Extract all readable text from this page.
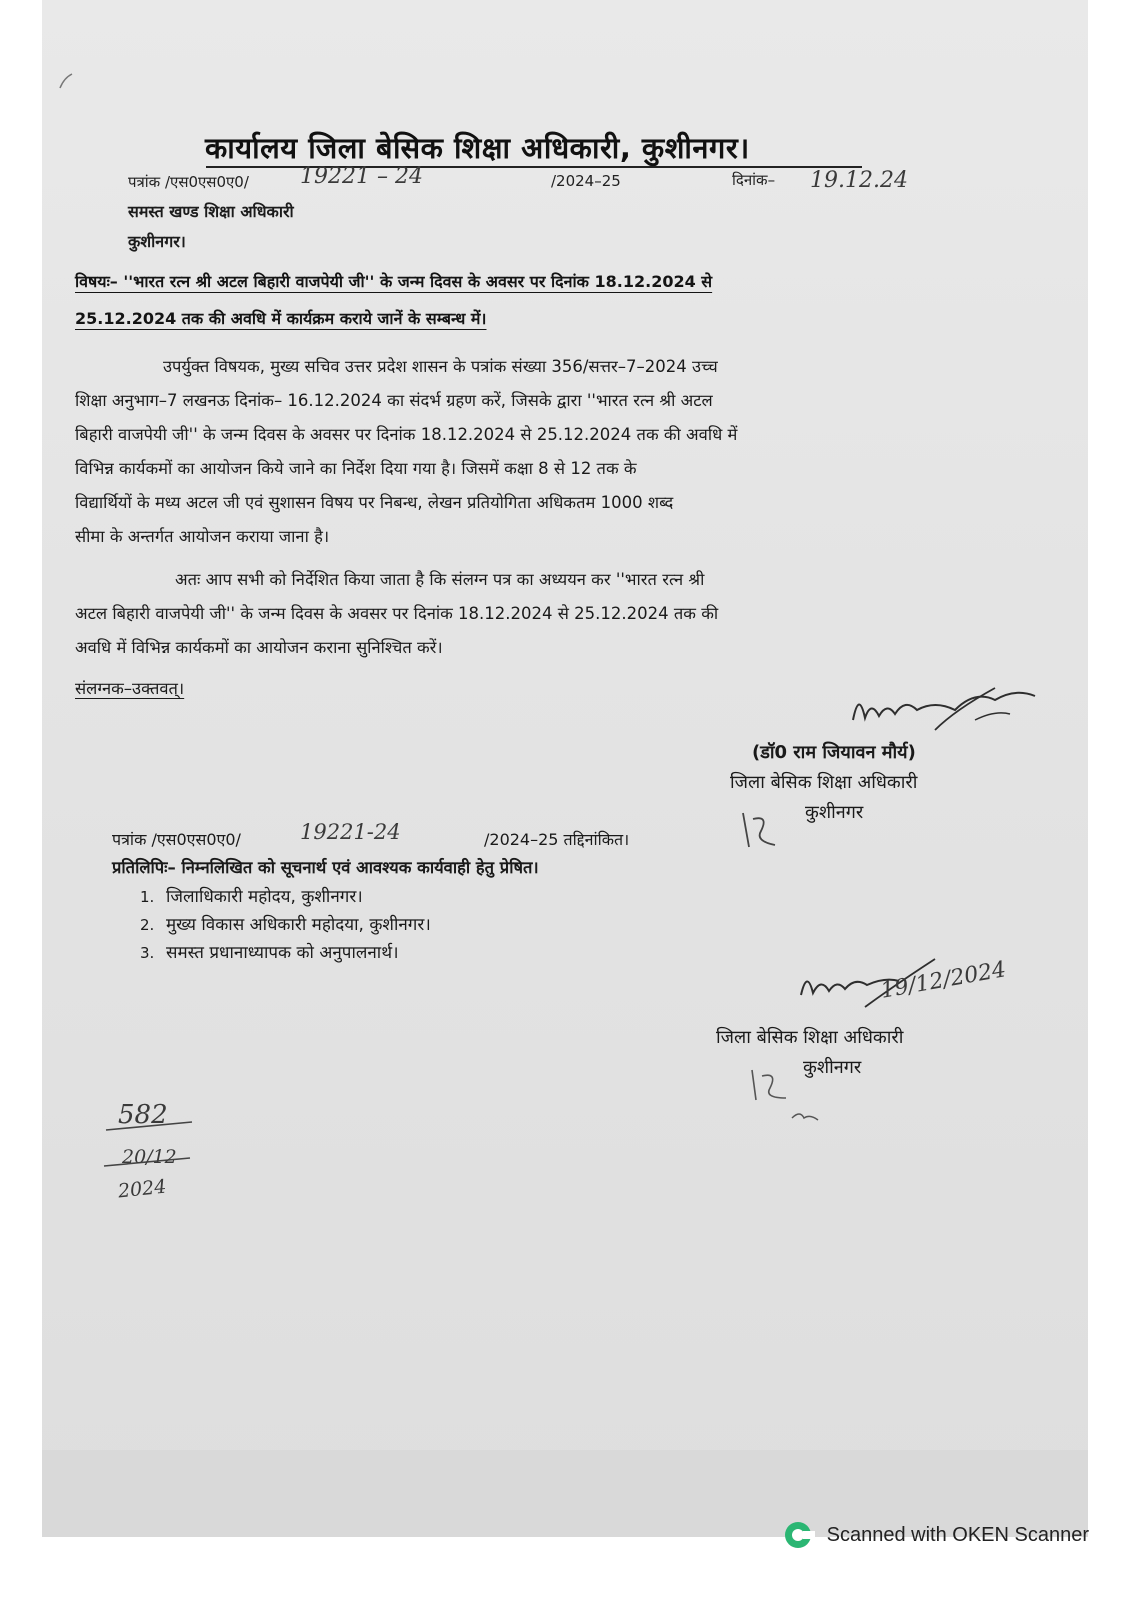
कार्यालय जिला बेसिक शिक्षा अधिकारी, कुशीनगर।
पत्रांक /एस0एस0ए0/ 19221 – 24	/2024–25	दिनांक– 19.12.24
समस्त खण्ड शिक्षा अधिकारी
कुशीनगर।
विषयः– ''भारत रत्न श्री अटल बिहारी वाजपेयी जी'' के जन्म दिवस के अवसर पर दिनांक 18.12.2024 से
25.12.2024 तक की अवधि में कार्यक्रम कराये जानें के सम्बन्ध में।
उपर्युक्त विषयक, मुख्य सचिव उत्तर प्रदेश शासन के पत्रांक संख्या 356/सत्तर–7–2024 उच्च
शिक्षा अनुभाग–7 लखनऊ दिनांक– 16.12.2024 का संदर्भ ग्रहण करें, जिसके द्वारा ''भारत रत्न श्री अटल
बिहारी वाजपेयी जी'' के जन्म दिवस के अवसर पर दिनांक 18.12.2024 से 25.12.2024 तक की अवधि में
विभिन्न कार्यकमों का आयोजन किये जाने का निर्देश दिया गया है। जिसमें कक्षा 8 से 12 तक के
विद्यार्थियों के मध्य अटल जी एवं सुशासन विषय पर निबन्ध, लेखन प्रतियोगिता अधिकतम 1000 शब्द
सीमा के अन्तर्गत आयोजन कराया जाना है।
अतः आप सभी को निर्देशित किया जाता है कि संलग्न पत्र का अध्ययन कर ''भारत रत्न श्री
अटल बिहारी वाजपेयी जी'' के जन्म दिवस के अवसर पर दिनांक 18.12.2024 से 25.12.2024 तक की
अवधि में विभिन्न कार्यकमों का आयोजन कराना सुनिश्चित करें।
संलग्नक–उक्तवत्।
(डॉ0 राम जियावन मौर्य)
जिला बेसिक शिक्षा अधिकारी
कुशीनगर
पत्रांक /एस0एस0ए0/	19221-24	/2024–25 तद्दिनांकित।
प्रतिलिपिः– निम्नलिखित को सूचनार्थ एवं आवश्यक कार्यवाही हेतु प्रेषित।
1. जिलाधिकारी महोदय, कुशीनगर।
2. मुख्य विकास अधिकारी महोदया, कुशीनगर।
3. समस्त प्रधानाध्यापक को अनुपालनार्थ।
19/12/2024
जिला बेसिक शिक्षा अधिकारी
कुशीनगर
582
20/12
2024
Scanned with OKEN Scanner
